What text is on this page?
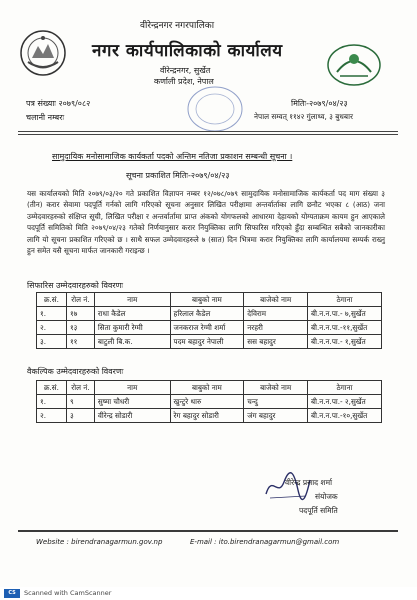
वीरेन्द्रनगर नगरपालिका
नगर कार्यपालिकाको कार्यालय
वीरेन्द्रनगर, सुर्खेत
कर्णाली प्रदेश, नेपाल
पत्र संख्याः २०७९/०८२
चलानी नम्बरः
मितिः-२०७९/०४/२३
नेपाल सम्वत् ११४२ गुंलाथ्व, ३ बुधबार
सामुदायिक मनोसामाजिक कार्यकर्ता पदको अन्तिम नतिजा प्रकाशन सम्बन्धी सूचना ।
सूचना प्रकाशित मितिः-२०७९/०४/२३
यस कार्यालयको मिति २०७९/०३/२० गते प्रकाशित विज्ञापन नम्बर १२/०७८/०७९ सामुदायिक मनोसामाजिक कार्यकर्ता पद माग संख्या ३ (तीन) करार सेवामा पदपूर्ति गर्नको लागि गरिएको सूचना अनुसार लिखित परीक्षामा अन्तर्वार्ताका लागि छनौट भएका ८ (आठ) जना उम्मेदवारहरुको संक्षिप्त सूची, लिखित परीक्षा र अन्तर्वार्तामा प्राप्त अंकको योगफलको आधारमा देहायको योग्यताक्रम कायम हुन आएकाले पदपूर्ति समितिको मिति २०७९/०४/२३ गतेको निर्णयानुसार करार नियुक्तिका लागि सिफारिस गरिएको हुँदा सम्बन्धित सबैको जानकारीका लागि यो सूचना प्रकाशित गरिएको छ । साथै सफल उम्मेदवारहरुले ७ (सात) दिन भित्रमा करार नियुक्तिका लागि कार्यालयमा सम्पर्क राख्नु हुन समेत यसै सूचना मार्फत जानकारी गराइन्छ ।
सिफारिस उम्मेदवारहरुको विवरणः
क्र.सं.	रोल नं.	नाम	बाबुको नाम	बाजेको नाम	ठेगाना
१.	१७	राधा कैडेल	हरिलाल कैडेल	देविराम	बी.न.न.पा.- ७,सुर्खेत
२.	१३	सिता कुमारी रेग्मी	जनकराज रेग्मी शर्मा	नरहरी	बी.न.न.पा.-११,सुर्खेत
३.	११	बाटुली बि.क.	पदम बहादुर नेपाली	सस बहादुर	बी.न.न.पा.- १,सुर्खेत
वैकल्पिक उम्मेदवारहरुको विवरणः
क्र.सं.	रोल नं.	नाम	बाबुको नाम	बाजेको नाम	ठेगाना
१.	९	सुष्मा चौधरी	खुन्टुरे थारु	चन्दु	बी.न.न.पा.- २,सुर्खेत
२.	३	वीरेन्द्र सोडारी	रेग बहादुर सोडारी	जंग बहादुर	बी.न.न.पा.-१०,सुर्खेत
वीरेन्द्र प्रसाद शर्मा
संयोजक
पदपूर्ति समिति
Website : birendranagarmun.gov.np	E-mail : ito.birendranagarmun@gmail.com
CS	Scanned with CamScanner
